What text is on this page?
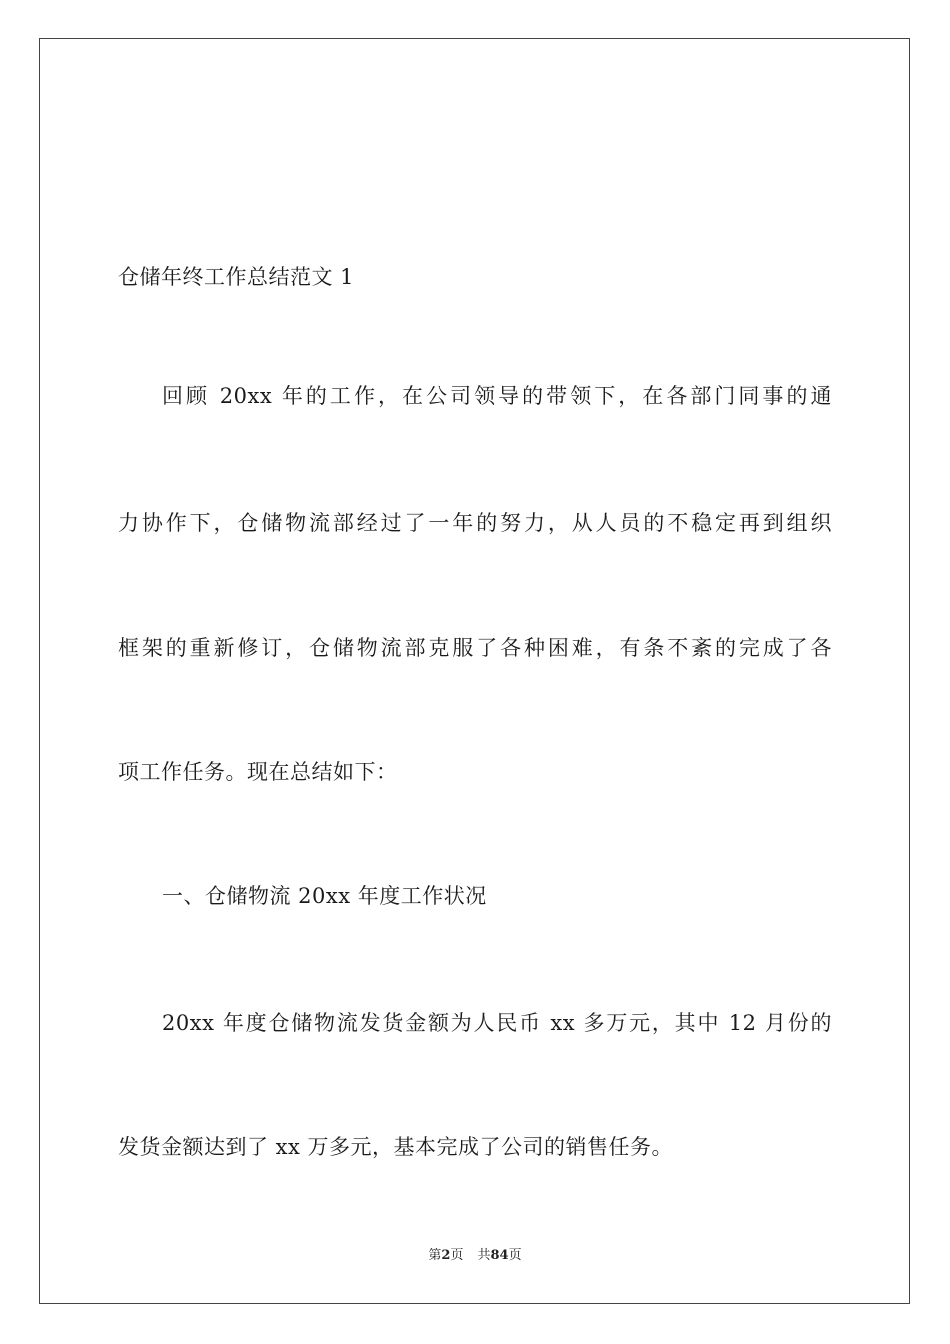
仓储年终工作总结范文 1
回顾 20xx 年的工作，在公司领导的带领下，在各部门同事的通
力协作下，仓储物流部经过了一年的努力，从人员的不稳定再到组织
框架的重新修订，仓储物流部克服了各种困难，有条不紊的完成了各
项工作任务。现在总结如下：
一、仓储物流 20xx 年度工作状况
20xx 年度仓储物流发货金额为人民币 xx 多万元，其中 12 月份的
发货金额达到了 xx 万多元，基本完成了公司的销售任务。
第2页 共84页
